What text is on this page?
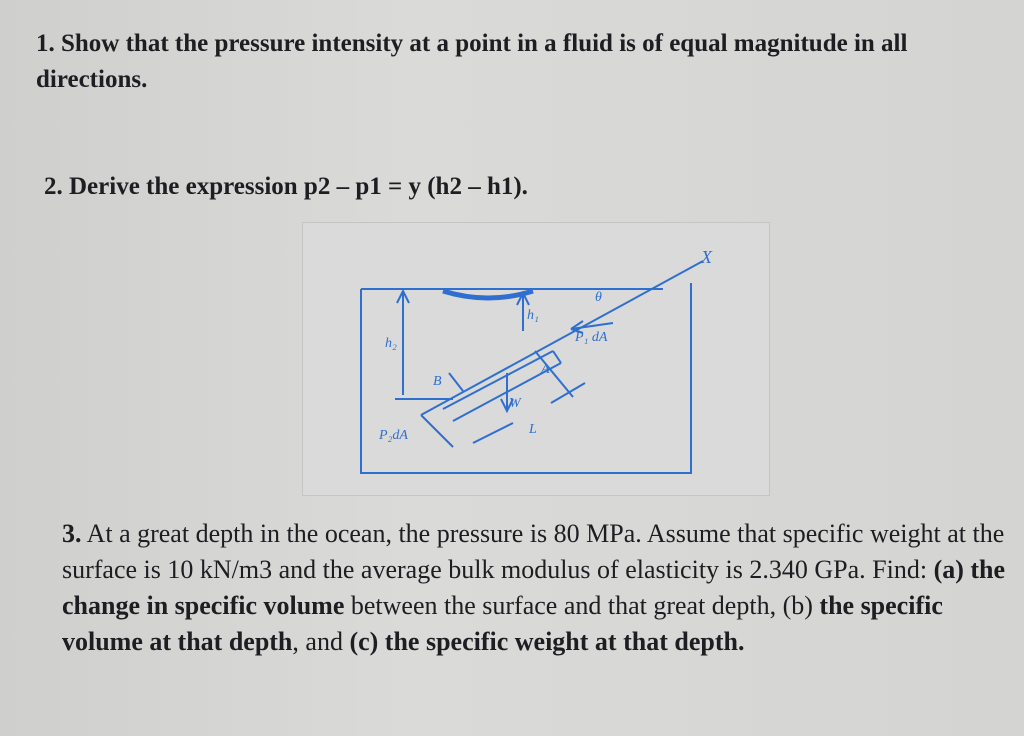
1. Show that the pressure intensity at a point in a fluid is of equal magnitude in all directions.
2. Derive the expression p2 – p1 = y (h2 – h1).
X
P₁ dA
P₂dA
h₂
h₁
A
B
W
L
θ
3. At a great depth in the ocean, the pressure is 80 MPa. Assume that specific weight at the surface is 10 kN/m3 and the average bulk modulus of elasticity is 2.340 GPa. Find: (a) the change in specific volume between the surface and that great depth, (b) the specific volume at that depth, and (c) the specific weight at that depth.
